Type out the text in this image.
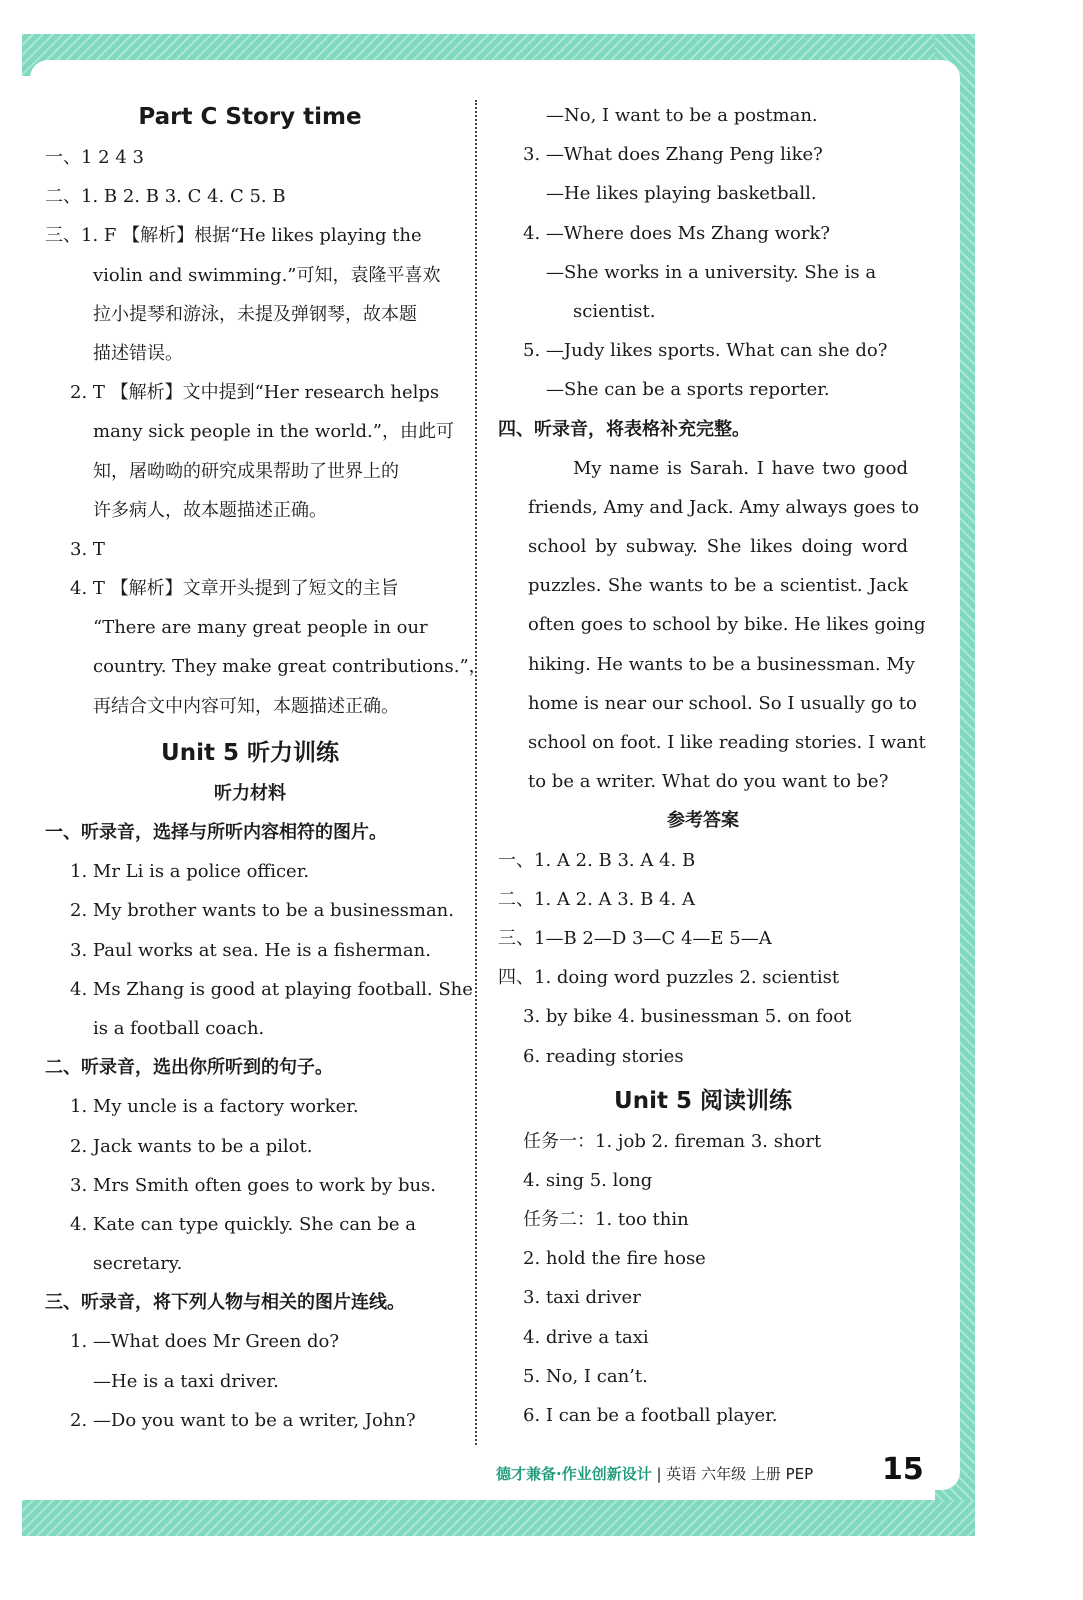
Part C Story time
一、1 2 4 3
二、1. B 2. B 3. C 4. C 5. B
三、1. F 【解析】根据“He likes playing the
violin and swimming.”可知，袁隆平喜欢
拉小提琴和游泳，未提及弹钢琴，故本题
描述错误。
2. T 【解析】文中提到“Her research helps
many sick people in the world.”，由此可
知，屠呦呦的研究成果帮助了世界上的
许多病人，故本题描述正确。
3. T
4. T 【解析】文章开头提到了短文的主旨
“There are many great people in our
country. They make great contributions.”，
再结合文中内容可知，本题描述正确。
Unit 5 听力训练
听力材料
一、听录音，选择与所听内容相符的图片。
1. Mr Li is a police officer.
2. My brother wants to be a businessman.
3. Paul works at sea. He is a fisherman.
4. Ms Zhang is good at playing football. She
is a football coach.
二、听录音，选出你所听到的句子。
1. My uncle is a factory worker.
2. Jack wants to be a pilot.
3. Mrs Smith often goes to work by bus.
4. Kate can type quickly. She can be a
secretary.
三、听录音，将下列人物与相关的图片连线。
1. —What does Mr Green do?
—He is a taxi driver.
2. —Do you want to be a writer, John?
—No, I want to be a postman.
3. —What does Zhang Peng like?
—He likes playing basketball.
4. —Where does Ms Zhang work?
—She works in a university. She is a
scientist.
5. —Judy likes sports. What can she do?
—She can be a sports reporter.
四、听录音，将表格补充完整。
My name is Sarah. I have two good
friends, Amy and Jack. Amy always goes to
school by subway. She likes doing word
puzzles. She wants to be a scientist. Jack
often goes to school by bike. He likes going
hiking. He wants to be a businessman. My
home is near our school. So I usually go to
school on foot. I like reading stories. I want
to be a writer. What do you want to be?
参考答案
一、1. A 2. B 3. A 4. B
二、1. A 2. A 3. B 4. A
三、1—B 2—D 3—C 4—E 5—A
四、1. doing word puzzles 2. scientist
3. by bike 4. businessman 5. on foot
6. reading stories
Unit 5 阅读训练
任务一：1. job 2. fireman 3. short
4. sing 5. long
任务二：1. too thin
2. hold the fire hose
3. taxi driver
4. drive a taxi
5. No, I can’t.
6. I can be a football player.
德才兼备·作业创新设计 | 英语 六年级 上册 PEP 15
